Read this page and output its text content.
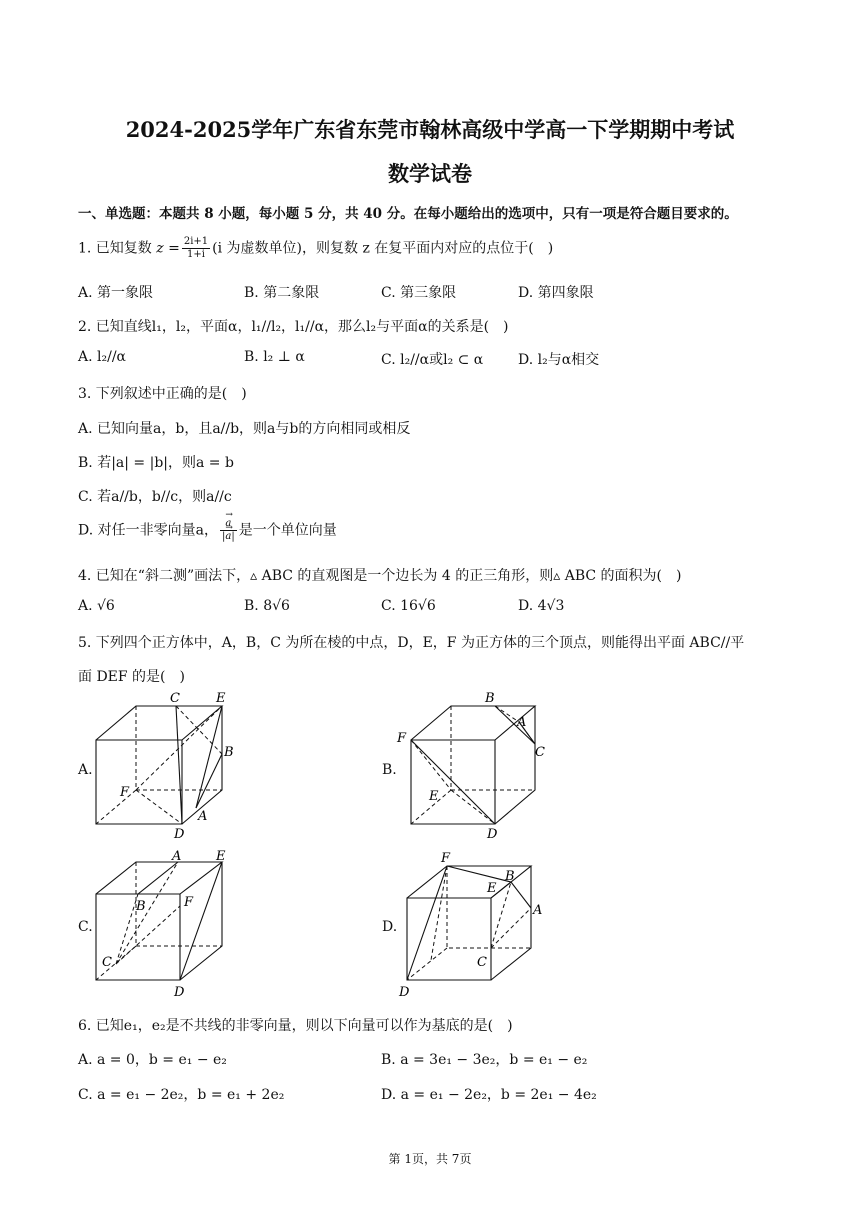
2024-2025学年广东省东莞市翰林高级中学高一下学期期中考试
数学试卷
一、单选题：本题共 8 小题，每小题 5 分，共 40 分。在每小题给出的选项中，只有一项是符合题目要求的。
1. 已知复数 $z = \frac{2i+1}{1+i} (i$ 为虚数单位)，则复数 z 在复平面内对应的点位于(　)
A. 第一象限	B. 第二象限	C. 第三象限	D. 第四象限
2. 已知直线l₁，l₂，平面α，l₁//l₂，l₁//α，那么l₂与平面α的关系是(　)
A. l₂//α	B. l₂ ⊥ α	C. l₂//α或l₂ ⊂ α D. l₂与α相交
3. 下列叙述中正确的是(　)
A. 已知向量a，b，且a//b，则a与b的方向相同或相反
B. 若|a| = |b|，则a = b
C. 若a//b，b//c，则a//c
D. 对任一非零向量a，
→ $\frac{a}{|\to a|}$ 是一个单位向量
4. 已知在“斜二测”画法下，▵ ABC 的直观图是一个边长为 4 的正三角形，则▵ ABC 的面积为(　)
A. √6	B. 8√6	C. 16√6	D. 4√3
5. 下列四个正方体中，A，B，C 为所在棱的中点，D，E，F 为正方体的三个顶点，则能得出平面 ABC//平
面 DEF 的是(　)
A.	B.
C.	D.
C	E
B
F
D
A
B
A
C
F
E
D
A	E
B	F
C
D
F
E
B
A
C
D
6. 已知e₁，e₂是不共线的非零向量，则以下向量可以作为基底的是(　)
A. a = 0，b = e₁ − e₂	B. a = 3e₁ − 3e₂，b = e₁ − e₂
C. a = e₁ − 2e₂，b = e₁ + 2e₂	D. a = e₁ − 2e₂，b = 2e₁ − 4e₂
第 1页，共 7页
